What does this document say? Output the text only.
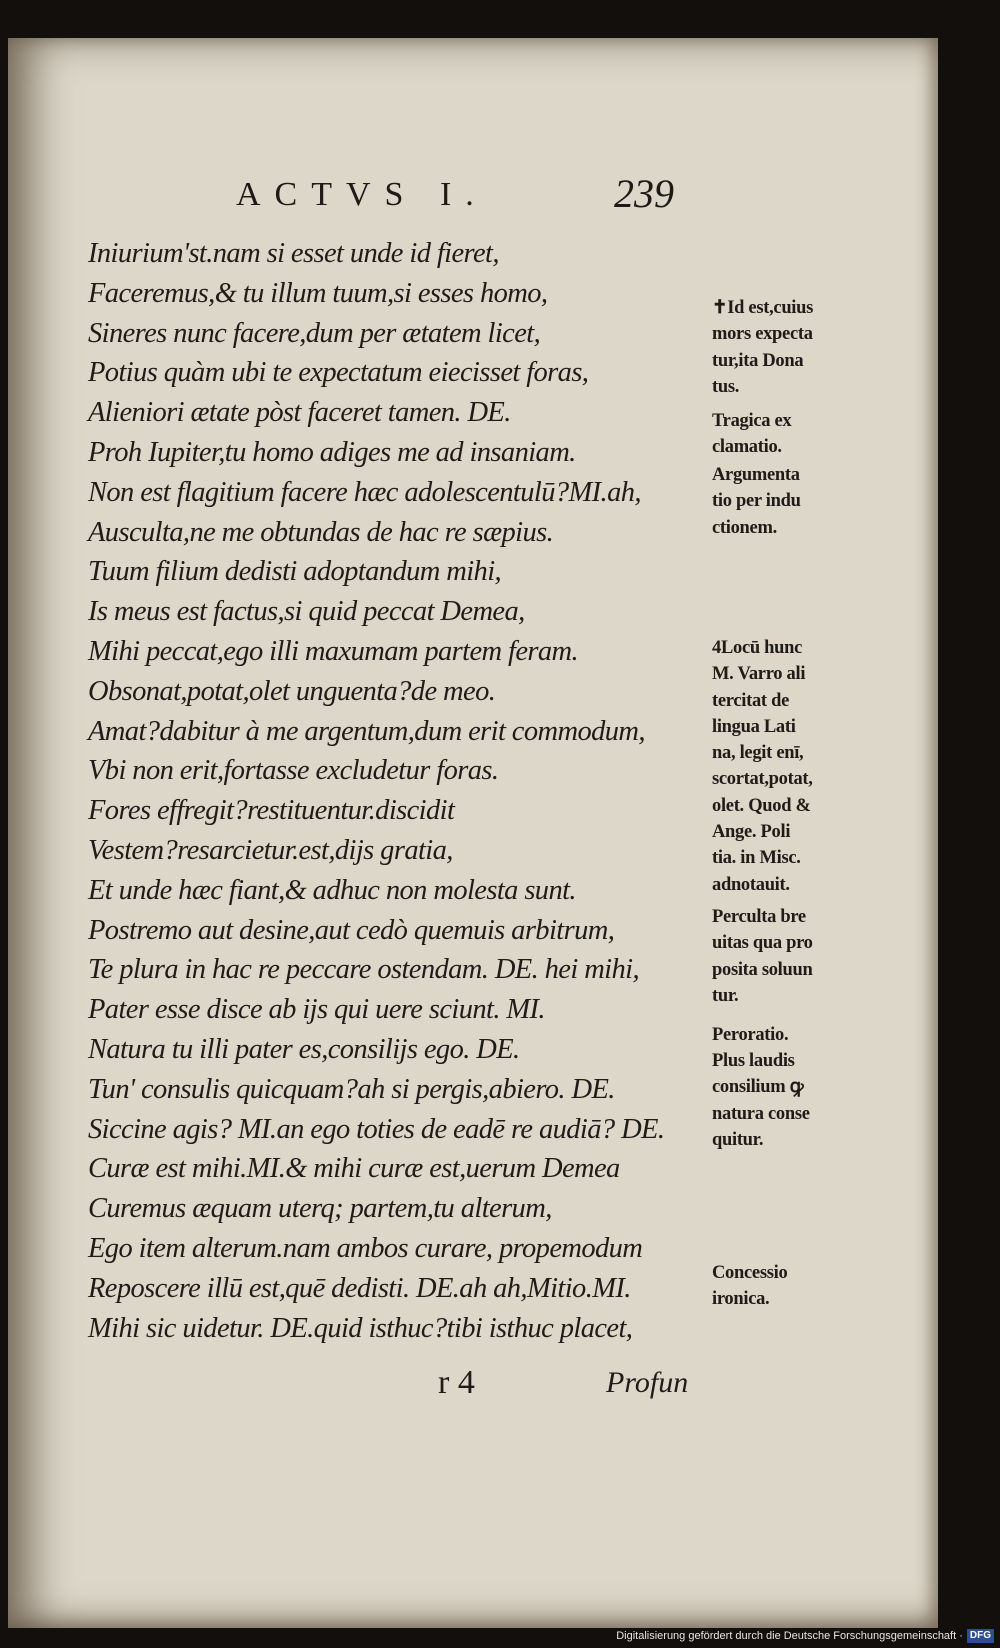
ACTVS I.	239
Iniurium'st.nam si esset unde id fieret,
Faceremus,& tu illum tuum,si esses homo,
Sineres nunc facere,dum per ætatem licet,
Potius quàm ubi te expectatum eiecisset foras,
Alieniori ætate pòst faceret tamen. DE.
Proh Iupiter,tu homo adiges me ad insaniam.
Non est flagitium facere hæc adolescentulū?MI.ah,
Ausculta,ne me obtundas de hac re sæpius.
Tuum filium dedisti adoptandum mihi,
Is meus est factus,si quid peccat Demea,
Mihi peccat,ego illi maxumam partem feram.
Obsonat,potat,olet unguenta?de meo.
Amat?dabitur à me argentum,dum erit commodum,
Vbi non erit,fortasse excludetur foras.
Fores effregit?restituentur.discidit
Vestem?resarcietur.est,dijs gratia,
Et unde hæc fiant,& adhuc non molesta sunt.
Postremo aut desine,aut cedò quemuis arbitrum,
Te plura in hac re peccare ostendam. DE. hei mihi,
Pater esse disce ab ijs qui uere sciunt. MI.
Natura tu illi pater es,consilijs ego. DE.
Tun' consulis quicquam?ah si pergis,abiero. DE.
Siccine agis? MI.an ego toties de eadē re audiā? DE.
Curæ est mihi.MI.& mihi curæ est,uerum Demea
Curemus æquam uterq; partem,tu alterum,
Ego item alterum.nam ambos curare, propemodum
Reposcere illū est,quē dedisti. DE.ah ah,Mitio.MI.
Mihi sic uidetur. DE.quid isthuc?tibi isthuc placet,
✝Id est,cuius
mors expecta
tur,ita Dona
tus.
Tragica ex
clamatio.
Argumenta
tio per indu
ctionem.
4Locū hunc
M. Varro ali
tercitat de
lingua Lati
na, legit enī,
scortat,potat,
olet. Quod &
Ange. Poli
tia. in Misc.
adnotauit.
Perculta bre
uitas qua pro
posita soluun
tur.
Peroratio.
Plus laudis
consilium ꝙ
natura conse
quitur.
Concessio
ironica.
r 4	Profun
Digitalisierung gefördert durch die Deutsche Forschungsgemeinschaft · DFG
